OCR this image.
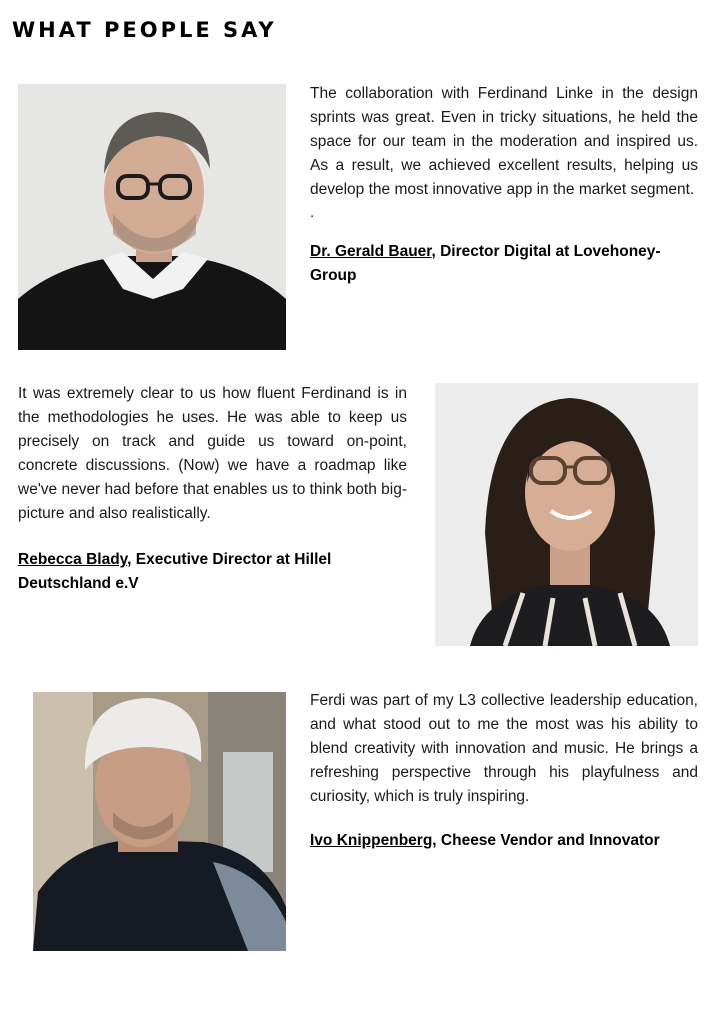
WHAT PEOPLE SAY

The collaboration with Ferdinand Linke in the design sprints was great. Even in tricky situations, he held the space for our team in the moderation and inspired us. As a result, we achieved excellent results, helping us develop the most innovative app in the market segment.

.

Dr. Gerald Bauer, Director Digital at Lovehoney-Group

It was extremely clear to us how fluent Ferdinand is in the methodologies he uses. He was able to keep us precisely on track and guide us toward on-point, concrete discussions. (Now) we have a roadmap like we've never had before that enables us to think both big-picture and also realistically.

Rebecca Blady, Executive Director at Hillel Deutschland e.V

Ferdi was part of my L3 collective leadership education, and what stood out to me the most was his ability to blend creativity with innovation and music. He brings a refreshing perspective through his playfulness and curiosity, which is truly inspiring.

Ivo Knippenberg, Cheese Vendor and Innovator
